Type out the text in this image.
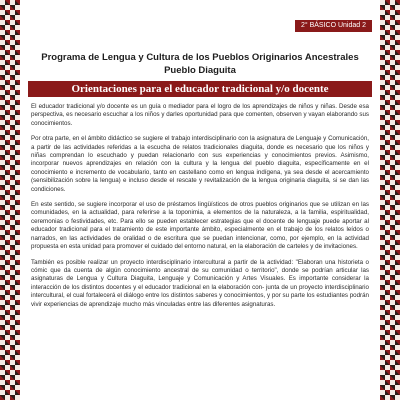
2° BÁSICO Unidad 2
Programa de Lengua y Cultura de los Pueblos Originarios Ancestrales
Pueblo Diaguita
Orientaciones para el educador tradicional y/o docente

El educador tradicional y/o docente es un guía o mediador para el logro de los aprendizajes de niños y niñas. Desde esa perspectiva, es necesario escuchar a los niños y darles oportunidad para que comenten, observen y vayan elaborando sus conocimientos.

Por otra parte, en el ámbito didáctico se sugiere el trabajo interdisciplinario con la asignatura de Lenguaje y Comunicación, a partir de las actividades referidas a la escucha de relatos tradicionales diaguita, donde es necesario que los niños y niñas comprendan lo escuchado y puedan relacionarlo con sus experiencias y conocimientos previos. Asimismo, incorporar nuevos aprendizajes en relación con la cultura y la lengua del pueblo diaguita, específicamente en el conocimiento e incremento de vocabulario, tanto en castellano como en lengua indígena, ya sea desde el acercamiento (sensibilización sobre la lengua) e incluso desde el rescate y revitalización de la lengua originaria diaguita, si se dan las condiciones.

En este sentido, se sugiere incorporar el uso de préstamos lingüísticos de otros pueblos originarios que se utilizan en las comunidades, en la actualidad, para referirse a la toponimia, a elementos de la naturaleza, a la familia, espiritualidad, ceremonias o festividades, etc. Para ello se pueden establecer estrategias que el docente de lenguaje puede aportar al educador tradicional para el tratamiento de este importante ámbito, especialmente en el trabajo de los relatos leídos o narrados, en las actividades de oralidad o de escritura que se puedan intencionar, como, por ejemplo, en la actividad propuesta en esta unidad para promover el cuidado del entorno natural, en la elaboración de carteles y de invitaciones.

También es posible realizar un proyecto interdisciplinario intercultural a partir de la actividad: "Elaboran una historieta o cómic que da cuenta de algún conocimiento ancestral de su comunidad o territorio", donde se podrían articular las asignaturas de Lengua y Cultura Diaguita, Lenguaje y Comunicación y Artes Visuales. Es importante considerar la interacción de los distintos docentes y el educador tradicional en la elaboración con- junta de un proyecto interdisciplinario intercultural, el cual fortalecerá el diálogo entre los distintos saberes y conocimientos, y por su parte los estudiantes podrán vivir experiencias de aprendizaje mucho más vinculadas entre las diferentes asignaturas.
